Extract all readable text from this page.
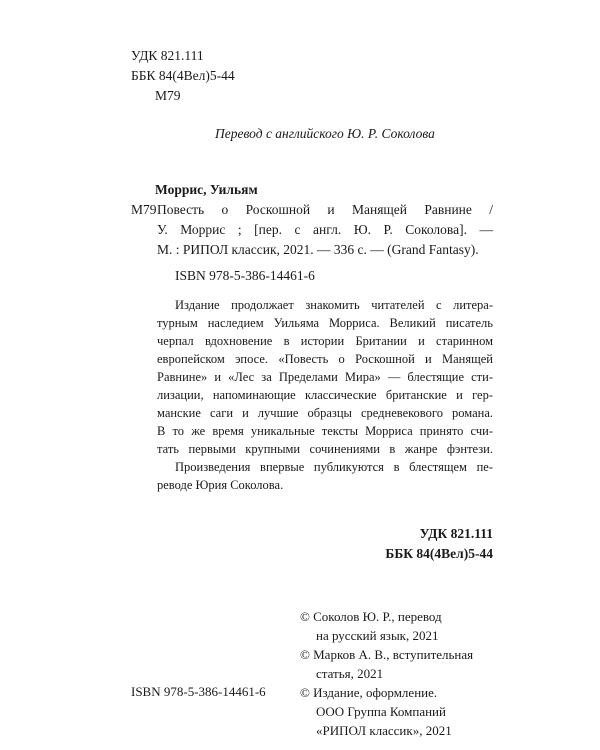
УДК 821.111
ББК 84(4Вел)5-44
М79
Перевод с английского Ю. Р. Соколова
Моррис, Уильям
М79 Повесть о Роскошной и Манящей Равнине /
У. Моррис ; [пер. с англ. Ю. Р. Соколова]. —
М. : РИПОЛ классик, 2021. — 336 с. — (Grand Fantasy).
ISBN 978-5-386-14461-6
Издание продолжает знакомить читателей с литера-
турным наследием Уильяма Морриса. Великий писатель
черпал вдохновение в истории Британии и старинном
европейском эпосе. «Повесть о Роскошной и Манящей
Равнине» и «Лес за Пределами Мира» — блестящие сти-
лизации, напоминающие классические британские и гер-
манские саги и лучшие образцы средневекового романа.
В то же время уникальные тексты Морриса принято счи-
тать первыми крупными сочинениями в жанре фэнтези.
Произведения впервые публикуются в блестящем пе-
реводе Юрия Соколова.
УДК 821.111
ББК 84(4Вел)5-44
© Соколов Ю. Р., перевод
на русский язык, 2021
© Марков А. В., вступительная
статья, 2021
© Издание, оформление.
ООО Группа Компаний
«РИПОЛ классик», 2021
ISBN 978-5-386-14461-6
